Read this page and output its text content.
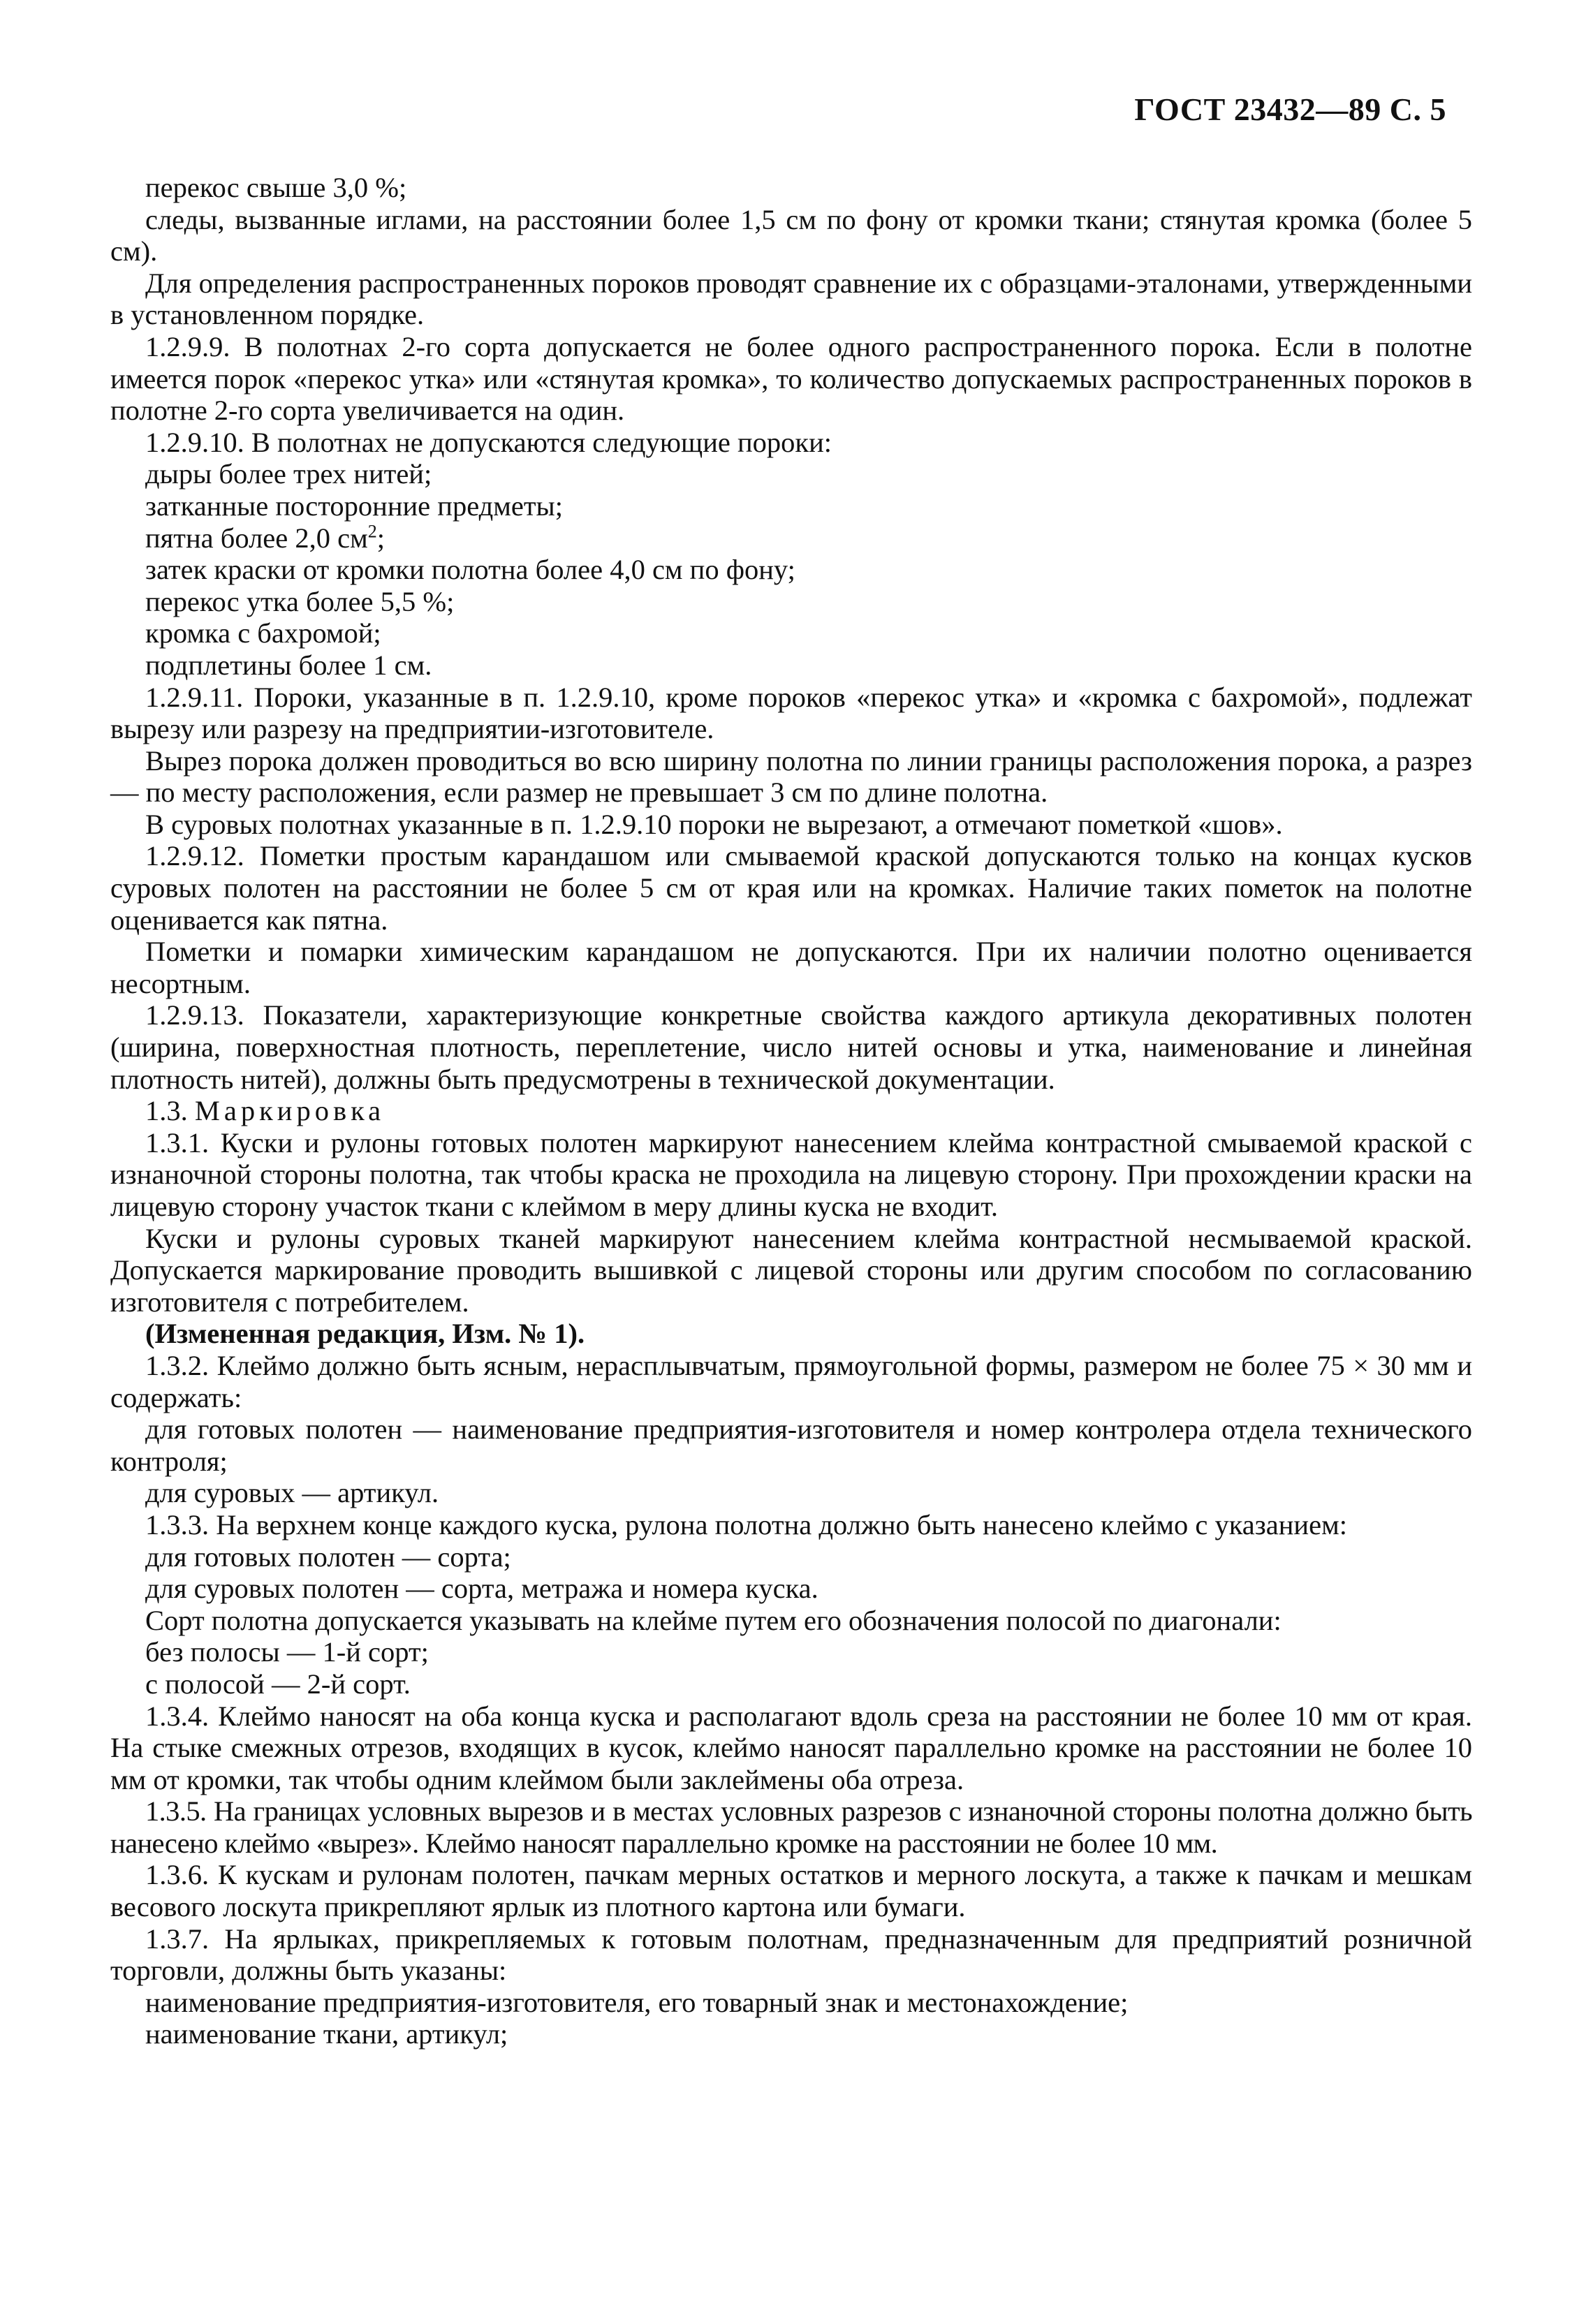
ГОСТ 23432—89 С. 5

перекос свыше 3,0 %;

следы, вызванные иглами, на расстоянии более 1,5 см по фону от кромки ткани; стянутая кромка (более 5 см).

Для определения распространенных пороков проводят сравнение их с образцами-эталонами, утвержденными в установленном порядке.

1.2.9.9. В полотнах 2-го сорта допускается не более одного распространенного порока. Если в полотне имеется порок «перекос утка» или «стянутая кромка», то количество допускаемых распространенных пороков в полотне 2-го сорта увеличивается на один.

1.2.9.10. В полотнах не допускаются следующие пороки:

дыры более трех нитей;

затканные посторонние предметы;

пятна более 2,0 $см^2$;

затек краски от кромки полотна более 4,0 см по фону;

перекос утка более 5,5 %;

кромка с бахромой;

подплетины более 1 см.

1.2.9.11. Пороки, указанные в п. 1.2.9.10, кроме пороков «перекос утка» и «кромка с бахромой», подлежат вырезу или разрезу на предприятии-изготовителе.

Вырез порока должен проводиться во всю ширину полотна по линии границы расположения порока, а разрез — по месту расположения, если размер не превышает 3 см по длине полотна.

В суровых полотнах указанные в п. 1.2.9.10 пороки не вырезают, а отмечают пометкой «шов».

1.2.9.12. Пометки простым карандашом или смываемой краской допускаются только на концах кусков суровых полотен на расстоянии не более 5 см от края или на кромках. Наличие таких пометок на полотне оценивается как пятна.

Пометки и помарки химическим карандашом не допускаются. При их наличии полотно оценивается несортным.

1.2.9.13. Показатели, характеризующие конкретные свойства каждого артикула декоративных полотен (ширина, поверхностная плотность, переплетение, число нитей основы и утка, наименование и линейная плотность нитей), должны быть предусмотрены в технической документации.

1.3. Маркировка

1.3.1. Куски и рулоны готовых полотен маркируют нанесением клейма контрастной смываемой краской с изнаночной стороны полотна, так чтобы краска не проходила на лицевую сторону. При прохождении краски на лицевую сторону участок ткани с клеймом в меру длины куска не входит.

Куски и рулоны суровых тканей маркируют нанесением клейма контрастной несмываемой краской. Допускается маркирование проводить вышивкой с лицевой стороны или другим способом по согласованию изготовителя с потребителем.

(Измененная редакция, Изм. № 1).

1.3.2. Клеймо должно быть ясным, нерасплывчатым, прямоугольной формы, размером не более 75 × 30 мм и содержать:

для готовых полотен — наименование предприятия-изготовителя и номер контролера отдела технического контроля;

для суровых — артикул.

1.3.3. На верхнем конце каждого куска, рулона полотна должно быть нанесено клеймо с указанием:

для готовых полотен — сорта;

для суровых полотен — сорта, метража и номера куска.

Сорт полотна допускается указывать на клейме путем его обозначения полосой по диагонали:

без полосы — 1-й сорт;

с полосой — 2-й сорт.

1.3.4. Клеймо наносят на оба конца куска и располагают вдоль среза на расстоянии не более 10 мм от края. На стыке смежных отрезов, входящих в кусок, клеймо наносят параллельно кромке на расстоянии не более 10 мм от кромки, так чтобы одним клеймом были заклеймены оба отреза.

1.3.5. На границах условных вырезов и в местах условных разрезов с изнаночной стороны полотна должно быть нанесено клеймо «вырез». Клеймо наносят параллельно кромке на расстоянии не более 10 мм.

1.3.6. К кускам и рулонам полотен, пачкам мерных остатков и мерного лоскута, а также к пачкам и мешкам весового лоскута прикрепляют ярлык из плотного картона или бумаги.

1.3.7. На ярлыках, прикрепляемых к готовым полотнам, предназначенным для предприятий розничной торговли, должны быть указаны:

наименование предприятия-изготовителя, его товарный знак и местонахождение;

наименование ткани, артикул;
